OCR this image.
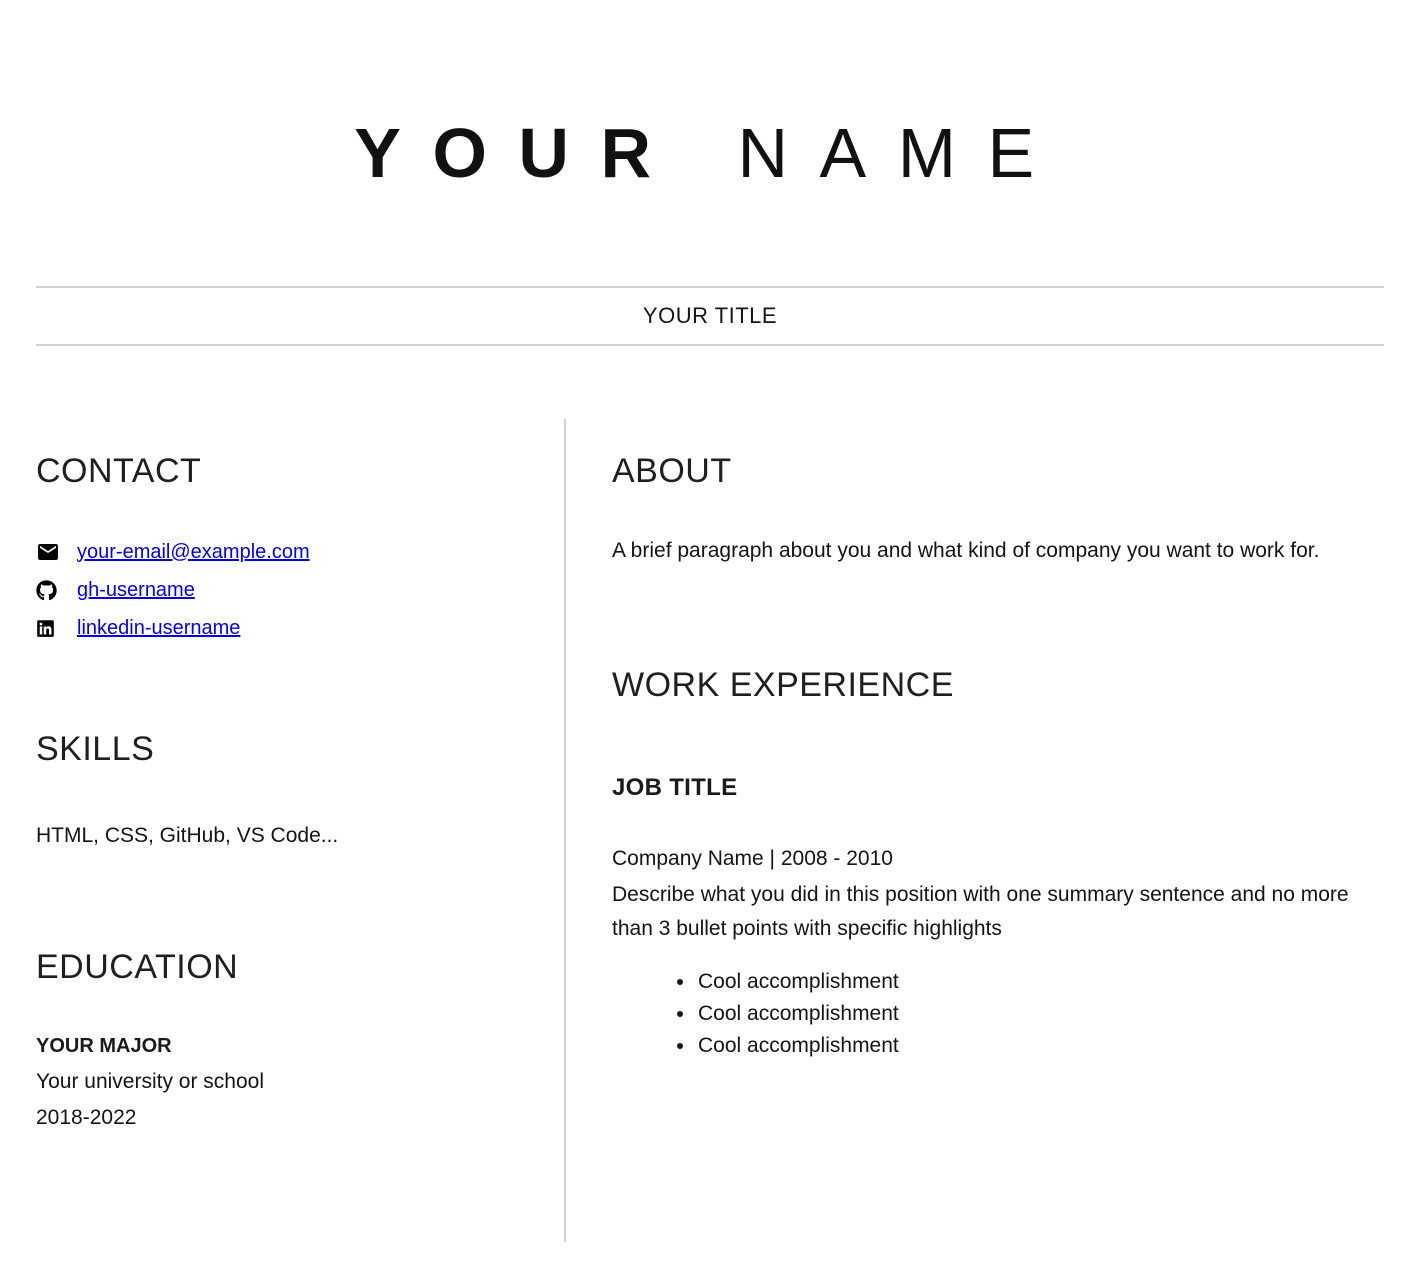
YOUR NAME

YOUR TITLE

CONTACT
your-email@example.com
gh-username
linkedin-username
SKILLS

HTML, CSS, GitHub, VS Code...

EDUCATION

YOUR MAJOR

Your university or school

2018-2022

ABOUT

A brief paragraph about you and what kind of company you want to work for.

WORK EXPERIENCE
JOB TITLE

Company Name | 2008 - 2010

Describe what you did in this position with one summary sentence and no more than 3 bullet points with specific highlights

• Cool accomplishment
• Cool accomplishment
• Cool accomplishment
